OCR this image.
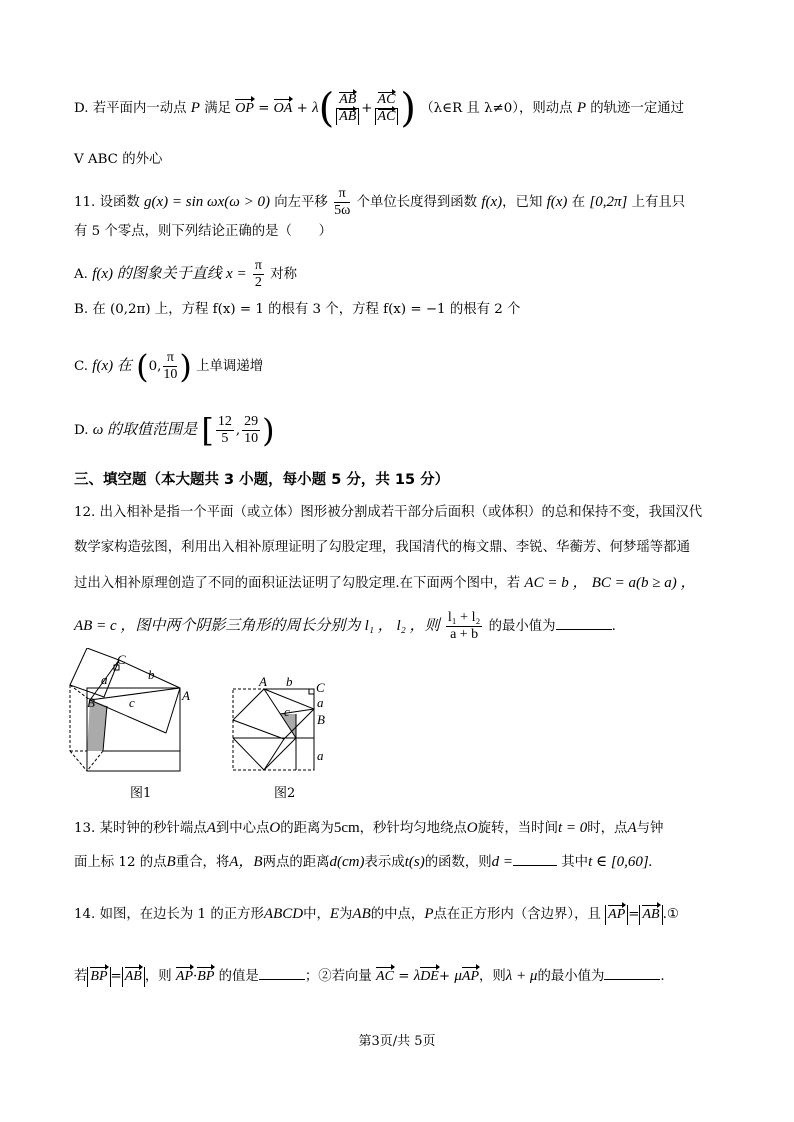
D. 若平面内一动点 P 满足 OP = OA + $\lambda( \frac{AB}{AB} + \frac{AC}{AC}$ ) （λ∈R 且 λ≠0），则动点 P 的轨迹一定通过
V ABC 的外心
11. 设函数 g(x) = sin ωx(ω > 0) 向左平移 $\frac{\pi}{5\omega}$ 个单位长度得到函数 f(x)，已知 f(x) 在 [0,2π] 上有且只
有 5 个零点，则下列结论正确的是（　　）
A. f(x) 的图象关于直线 $x = \frac{\pi}{2}$ 对称
B. 在 (0,2π) 上，方程 f(x) = 1 的根有 3 个，方程 f(x) = −1 的根有 2 个
C. f(x) 在 (0, $\frac{\pi}{10}$ ) 上单调递增
D. ω 的取值范围是 [ $\frac{12}{5}$ , $\frac{29}{10}$ )
三、填空题（本大题共 3 小题，每小题 5 分，共 15 分）
12. 出入相补是指一个平面（或立体）图形被分割成若干部分后面积（或体积）的总和保持不变，我国汉代
数学家构造弦图，利用出入相补原理证明了勾股定理，我国清代的梅文鼎、李锐、华蘅芳、何梦瑶等都通
过出入相补原理创造了不同的面积证法证明了勾股定理.在下面两个图中，若 AC = b ， BC = a(b ≥ a) ，
AB = c ，图中两个阴影三角形的周长分别为 l₁ ， l₂ ，则 $\frac{\text{l₁ + l₂}}{a + b}$ 的最小值为	.
C
b
a
A
B	c
图1
A b C
a
B
c
a
图2
13. 某时钟的秒针端点A到中心点O的距离为5cm，秒针均匀地绕点O旋转，当时间t = 0时，点A与钟
面上标 12 的点B重合，将A，B两点的距离d(cm)表示成t(s)的函数，则d =	其中t ∈ [0,60].
14. 如图，在边长为 1 的正方形ABCD中，E为AB的中点，P点在正方形内（含边界），且 AP = AB .①
若 BP = AB ，则 AP·BP 的值是	；②若向量 AC = λDE+ μAP，则λ + μ的最小值为	.
第3页/共 5页
